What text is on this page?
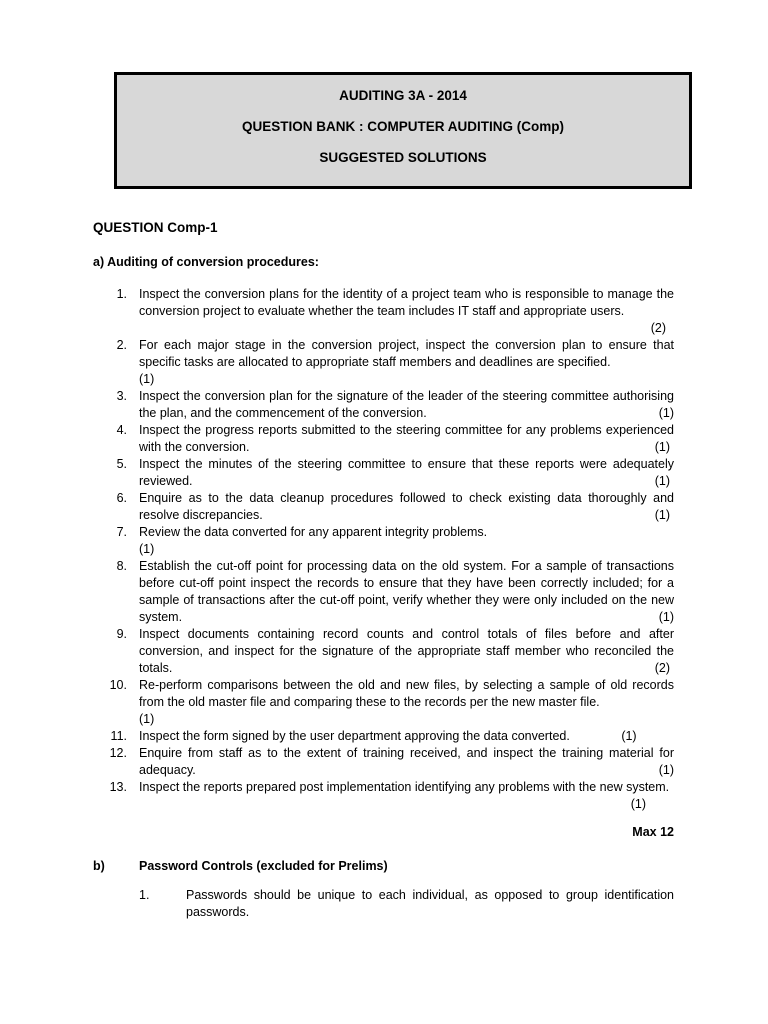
AUDITING 3A - 2014
QUESTION BANK : COMPUTER AUDITING (Comp)
SUGGESTED SOLUTIONS
QUESTION Comp-1
a) Auditing of conversion procedures:
1. Inspect the conversion plans for the identity of a project team who is responsible to manage the conversion project to evaluate whether the team includes IT staff and appropriate users.
(2)
2. For each major stage in the conversion project, inspect the conversion plan to ensure that specific tasks are allocated to appropriate staff members and deadlines are specified.
(1)
3. Inspect the conversion plan for the signature of the leader of the steering committee authorising the plan, and the commencement of the conversion.	(1)
4. Inspect the progress reports submitted to the steering committee for any problems experienced with the conversion.	(1)
5. Inspect the minutes of the steering committee to ensure that these reports were adequately reviewed.	(1)
6. Enquire as to the data cleanup procedures followed to check existing data thoroughly and resolve discrepancies.	(1)
7. Review the data converted for any apparent integrity problems.
(1)
8. Establish the cut-off point for processing data on the old system. For a sample of transactions before cut-off point inspect the records to ensure that they have been correctly included; for a sample of transactions after the cut-off point, verify whether they were only included on the new system.	(1)
9. Inspect documents containing record counts and control totals of files before and after conversion, and inspect for the signature of the appropriate staff member who reconciled the totals.	(2)
10. Re-perform comparisons between the old and new files, by selecting a sample of old records from the old master file and comparing these to the records per the new master file.
(1)
11. Inspect the form signed by the user department approving the data converted.	(1)
12. Enquire from staff as to the extent of training received, and inspect the training material for adequacy.	(1)
13. Inspect the reports prepared post implementation identifying any problems with the new system.
(1)
Max 12
b)	Password Controls (excluded for Prelims)
1.	Passwords should be unique to each individual, as opposed to group identification passwords.
